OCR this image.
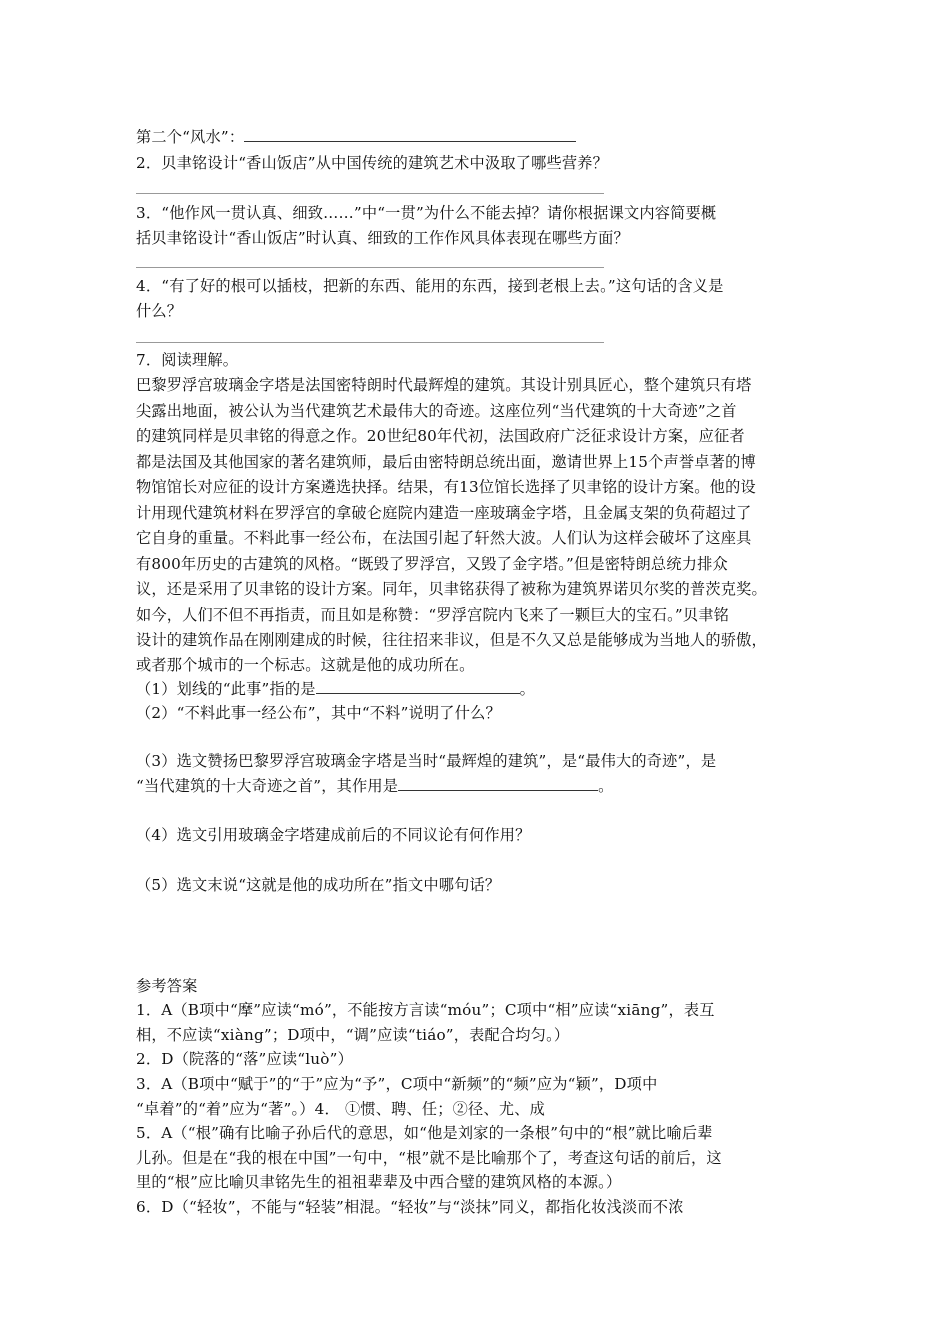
第二个“风水”：
2．贝聿铭设计“香山饭店”从中国传统的建筑艺术中汲取了哪些营养？
3．“他作风一贯认真、细致……”中“一贯”为什么不能去掉？请你根据课文内容简要概
括贝聿铭设计“香山饭店”时认真、细致的工作作风具体表现在哪些方面？
4．“有了好的根可以插枝，把新的东西、能用的东西，接到老根上去。”这句话的含义是
什么？
7．阅读理解。
巴黎罗浮宫玻璃金字塔是法国密特朗时代最辉煌的建筑。其设计别具匠心，整个建筑只有塔
尖露出地面，被公认为当代建筑艺术最伟大的奇迹。这座位列“当代建筑的十大奇迹”之首
的建筑同样是贝聿铭的得意之作。20世纪80年代初，法国政府广泛征求设计方案，应征者
都是法国及其他国家的著名建筑师，最后由密特朗总统出面，邀请世界上15个声誉卓著的博
物馆馆长对应征的设计方案遴选抉择。结果，有13位馆长选择了贝聿铭的设计方案。他的设
计用现代建筑材料在罗浮宫的拿破仑庭院内建造一座玻璃金字塔，且金属支架的负荷超过了
它自身的重量。不料此事一经公布，在法国引起了轩然大波。人们认为这样会破坏了这座具
有800年历史的古建筑的风格。“既毁了罗浮宫，又毁了金字塔。”但是密特朗总统力排众
议，还是采用了贝聿铭的设计方案。同年，贝聿铭获得了被称为建筑界诺贝尔奖的普茨克奖。
如今，人们不但不再指责，而且如是称赞：“罗浮宫院内飞来了一颗巨大的宝石。”贝聿铭
设计的建筑作品在刚刚建成的时候，往往招来非议，但是不久又总是能够成为当地人的骄傲，
或者那个城市的一个标志。这就是他的成功所在。
（1）划线的“此事”指的是	。
（2）“不料此事一经公布”，其中“不料”说明了什么？
（3）选文赞扬巴黎罗浮宫玻璃金字塔是当时“最辉煌的建筑”，是“最伟大的奇迹”，是
“当代建筑的十大奇迹之首”，其作用是	。
（4）选文引用玻璃金字塔建成前后的不同议论有何作用？
（5）选文末说“这就是他的成功所在”指文中哪句话？
参考答案
1．A（B项中“摩”应读“mó”，不能按方言读“móu”；C项中“相”应读“xiāng”，表互
相，不应读“xiàng”；D项中，“调”应读“tiáo”，表配合均匀。）
2．D（院落的“落”应读“luò”）
3．A（B项中“赋于”的“于”应为“予”，C项中“新频”的“频”应为“颖”，D项中
“卓着”的“着”应为“著”。）4． ①惯、聘、任；②径、尤、成
5．A（“根”确有比喻子孙后代的意思，如“他是刘家的一条根”句中的“根”就比喻后辈
儿孙。但是在“我的根在中国”一句中，“根”就不是比喻那个了，考查这句话的前后，这
里的“根”应比喻贝聿铭先生的祖祖辈辈及中西合璧的建筑风格的本源。）
6．D（“轻妆”，不能与“轻装”相混。“轻妆”与“淡抹”同义，都指化妆浅淡而不浓
